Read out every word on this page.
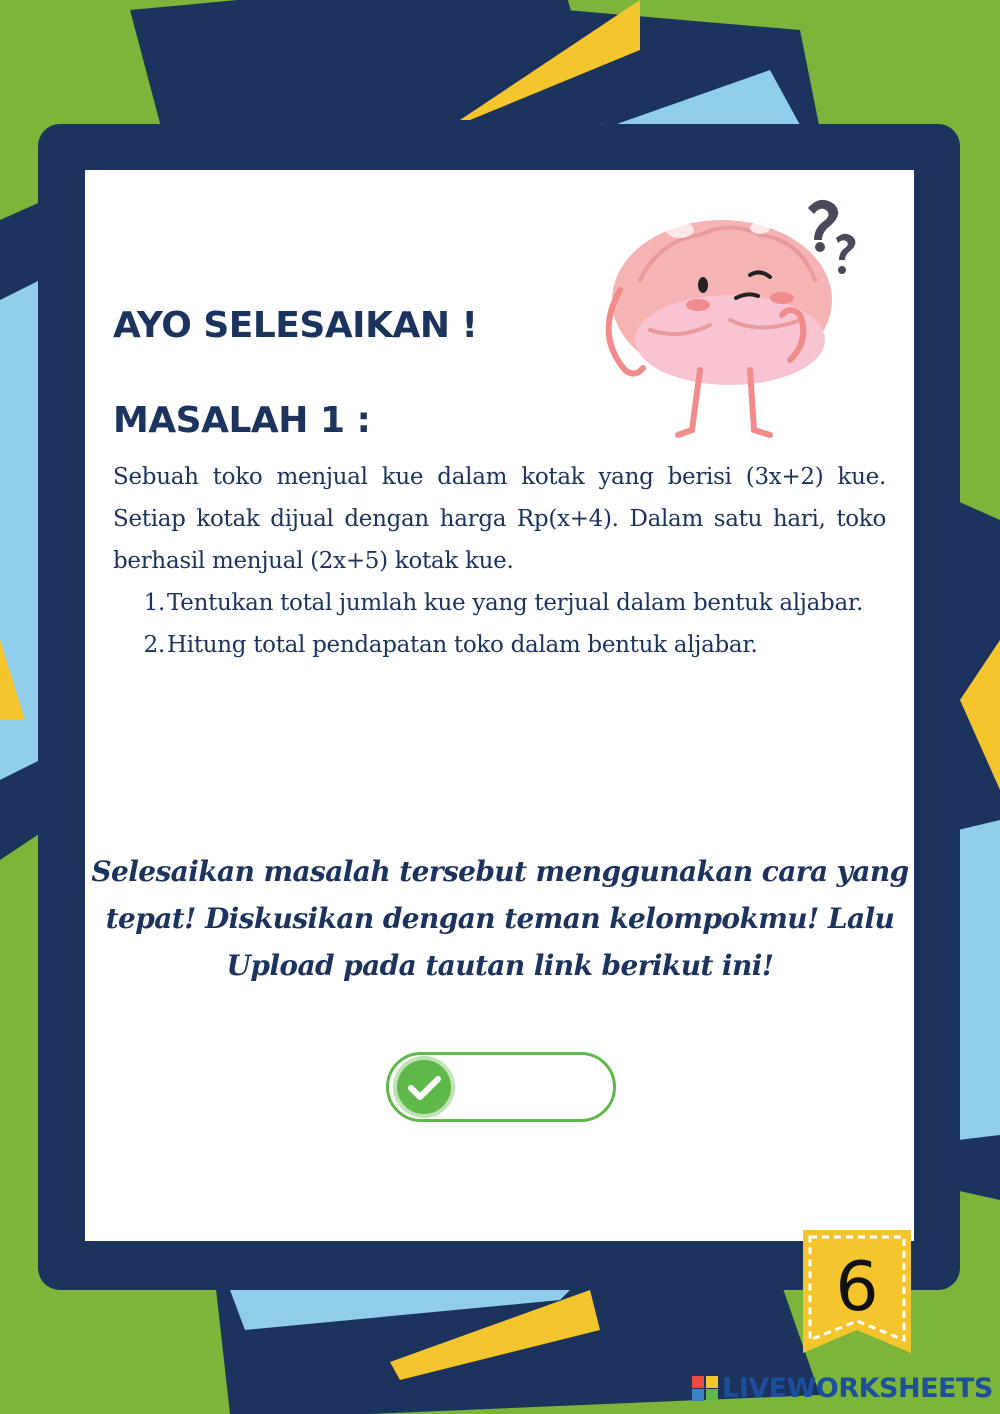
AYO SELESAIKAN !
MASALAH 1 :

Sebuah toko menjual kue dalam kotak yang berisi (3x+2) kue. Setiap kotak dijual dengan harga Rp(x+4). Dalam satu hari, toko berhasil menjual (2x+5) kotak kue.

1. Tentukan total jumlah kue yang terjual dalam bentuk aljabar.
2. Hitung total pendapatan toko dalam bentuk aljabar.

Selesaikan masalah tersebut menggunakan cara yang tepat! Diskusikan dengan teman kelompokmu! Lalu Upload pada tautan link berikut ini!

6
LIVEWORKSHEETS
